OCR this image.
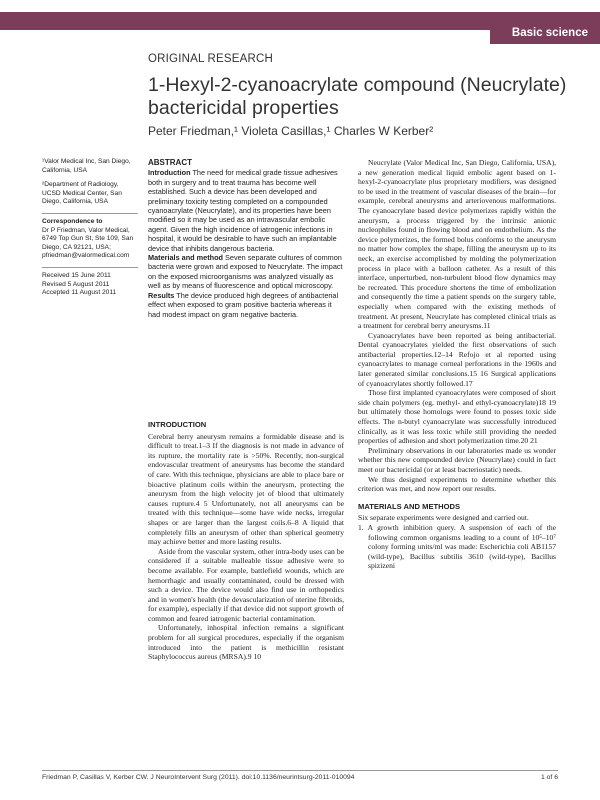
Basic science
ORIGINAL RESEARCH
1-Hexyl-2-cyanoacrylate compound (Neucrylate) bactericidal properties
Peter Friedman,¹ Violeta Casillas,¹ Charles W Kerber²
¹Valor Medical Inc, San Diego, California, USA
²Department of Radiology, UCSD Medical Center, San Diego, California, USA
Correspondence to
Dr P Friedman, Valor Medical, 6749 Top Gun St, Ste 109, San Diego, CA 92121, USA; pfriedman@valormedical.com
Received 15 June 2011
Revised 5 August 2011
Accepted 11 August 2011
ABSTRACT

Introduction The need for medical grade tissue adhesives both in surgery and to treat trauma has become well established. Such a device has been developed and preliminary toxicity testing completed on a compounded cyanoacrylate (Neucrylate), and its properties have been modified so it may be used as an intravascular embolic agent. Given the high incidence of iatrogenic infections in hospital, it would be desirable to have such an implantable device that inhibits dangerous bacteria.

Materials and method Seven separate cultures of common bacteria were grown and exposed to Neucrylate. The impact on the exposed microorganisms was analyzed visually as well as by means of fluorescence and optical microscopy.

Results The device produced high degrees of antibacterial effect when exposed to gram positive bacteria whereas it had modest impact on gram negative bacteria.

INTRODUCTION

Cerebral berry aneurysm remains a formidable disease and is difficult to treat.1–3 If the diagnosis is not made in advance of its rupture, the mortality rate is >50%. Recently, non-surgical endovascular treatment of aneurysms has become the standard of care. With this technique, physicians are able to place bare or bioactive platinum coils within the aneurysm, protecting the aneurysm from the high velocity jet of blood that ultimately causes rupture.4 5 Unfortunately, not all aneurysms can be treated with this technique—some have wide necks, irregular shapes or are larger than the largest coils.6–8 A liquid that completely fills an aneurysm of other than spherical geometry may achieve better and more lasting results.

Aside from the vascular system, other intra-body uses can be considered if a suitable malleable tissue adhesive were to become available. For example, battlefield wounds, which are hemorrhagic and usually contaminated, could be dressed with such a device. The device would also find use in orthopedics and in women's health (the devascularization of uterine fibroids, for example), especially if that device did not support growth of common and feared iatrogenic bacterial contamination.

Unfortunately, inhospital infection remains a significant problem for all surgical procedures, especially if the organism introduced into the patient is methicillin resistant Staphylococcus aureus (MRSA).9 10

Neucrylate (Valor Medical Inc, San Diego, California, USA), a new generation medical liquid embolic agent based on 1-hexyl-2-cyanoacrylate plus proprietary modifiers, was designed to be used in the treatment of vascular diseases of the brain—for example, cerebral aneurysms and arteriovenous malformations. The cyanoacrylate based device polymerizes rapidly within the aneurysm, a process triggered by the intrinsic anionic nucleophiles found in flowing blood and on endothelium. As the device polymerizes, the formed bolus conforms to the aneurysm no matter how complex the shape, filling the aneurysm up to its neck, an exercise accomplished by molding the polymerization process in place with a balloon catheter. As a result of this interface, unperturbed, non-turbulent blood flow dynamics may be recreated. This procedure shortens the time of embolization and consequently the time a patient spends on the surgery table, especially when compared with the existing methods of treatment. At present, Neucrylate has completed clinical trials as a treatment for cerebral berry aneurysms.11

Cyanoacrylates have been reported as being antibacterial. Dental cyanoacrylates yielded the first observations of such antibacterial properties.12–14 Refojo et al reported using cyanoacrylates to manage corneal perforations in the 1960s and later generated similar conclusions.15 16 Surgical applications of cyanoacrylates shortly followed.17

Those first implanted cyanoacrylates were composed of short side chain polymers (eg, methyl- and ethyl-cyanoacrylate)18 19 but ultimately those homologs were found to posses toxic side effects. The n-butyl cyanoacrylate was successfully introduced clinically, as it was less toxic while still providing the needed properties of adhesion and short polymerization time.20 21

Preliminary observations in our laboratories made us wonder whether this new compounded device (Neucrylate) could in fact meet our bactericidal (or at least bacteriostatic) needs.

We thus designed experiments to determine whether this criterion was met, and now report our results.

MATERIALS AND METHODS

Six separate experiments were designed and carried out.

1. A growth inhibition query. A suspension of each of the following common organisms leading to a count of 10⁵–10⁷ colony forming units/ml was made: Escherichia coli AB1157 (wild-type), Bacillus subtilis 3610 (wild-type), Bacillus spizizeni

Friedman P, Casillas V, Kerber CW. J NeuroIntervent Surg (2011). doi:10.1136/neurintsurg-2011-010094	1 of 6
